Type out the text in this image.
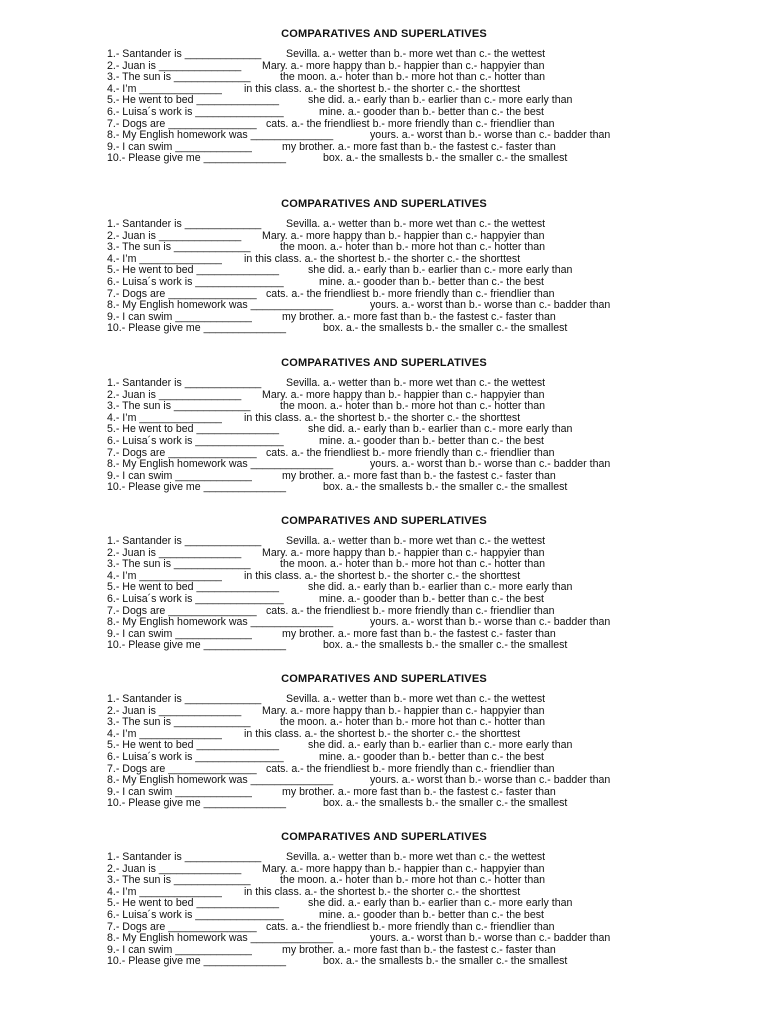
COMPARATIVES AND SUPERLATIVES
1.- Santander is _____________ Sevilla. a.- wetter than b.- more wet than c.- the wettest
2.- Juan is ______________ Mary. a.- more happy than b.- happier than c.- happyier than
3.- The sun is _____________	the moon. a.- hoter than b.- more hot than c.- hotter than
4.- I’m ______________ in this class. a.- the shortest b.- the shorter c.- the shorttest
5.- He went to bed ______________	she did. a.- early than b.- earlier than c.- more early than
6.- Luisa´s work is _______________	mine. a.- gooder than b.- better than c.- the best
7.- Dogs are _______________ cats. a.- the friendliest b.- more friendly than c.- friendlier than
8.- My English homework was ______________	yours. a.- worst than b.- worse than c.- badder than
9.- I can swim _____________	my brother. a.- more fast than b.- the fastest c.- faster than
10.- Please give me ______________	box. a.- the smallests b.- the smaller c.- the smallest
COMPARATIVES AND SUPERLATIVES
1.- Santander is _____________ Sevilla. a.- wetter than b.- more wet than c.- the wettest
2.- Juan is ______________ Mary. a.- more happy than b.- happier than c.- happyier than
3.- The sun is _____________	the moon. a.- hoter than b.- more hot than c.- hotter than
4.- I’m ______________ in this class. a.- the shortest b.- the shorter c.- the shorttest
5.- He went to bed ______________	she did. a.- early than b.- earlier than c.- more early than
6.- Luisa´s work is _______________	mine. a.- gooder than b.- better than c.- the best
7.- Dogs are _______________ cats. a.- the friendliest b.- more friendly than c.- friendlier than
8.- My English homework was ______________	yours. a.- worst than b.- worse than c.- badder than
9.- I can swim _____________	my brother. a.- more fast than b.- the fastest c.- faster than
10.- Please give me ______________	box. a.- the smallests b.- the smaller c.- the smallest
COMPARATIVES AND SUPERLATIVES
1.- Santander is _____________ Sevilla. a.- wetter than b.- more wet than c.- the wettest
2.- Juan is ______________ Mary. a.- more happy than b.- happier than c.- happyier than
3.- The sun is _____________	the moon. a.- hoter than b.- more hot than c.- hotter than
4.- I’m ______________ in this class. a.- the shortest b.- the shorter c.- the shorttest
5.- He went to bed ______________	she did. a.- early than b.- earlier than c.- more early than
6.- Luisa´s work is _______________	mine. a.- gooder than b.- better than c.- the best
7.- Dogs are _______________ cats. a.- the friendliest b.- more friendly than c.- friendlier than
8.- My English homework was ______________	yours. a.- worst than b.- worse than c.- badder than
9.- I can swim _____________	my brother. a.- more fast than b.- the fastest c.- faster than
10.- Please give me ______________	box. a.- the smallests b.- the smaller c.- the smallest
COMPARATIVES AND SUPERLATIVES
1.- Santander is _____________ Sevilla. a.- wetter than b.- more wet than c.- the wettest
2.- Juan is ______________ Mary. a.- more happy than b.- happier than c.- happyier than
3.- The sun is _____________	the moon. a.- hoter than b.- more hot than c.- hotter than
4.- I’m ______________ in this class. a.- the shortest b.- the shorter c.- the shorttest
5.- He went to bed ______________	she did. a.- early than b.- earlier than c.- more early than
6.- Luisa´s work is _______________	mine. a.- gooder than b.- better than c.- the best
7.- Dogs are _______________ cats. a.- the friendliest b.- more friendly than c.- friendlier than
8.- My English homework was ______________	yours. a.- worst than b.- worse than c.- badder than
9.- I can swim _____________	my brother. a.- more fast than b.- the fastest c.- faster than
10.- Please give me ______________	box. a.- the smallests b.- the smaller c.- the smallest
COMPARATIVES AND SUPERLATIVES
1.- Santander is _____________ Sevilla. a.- wetter than b.- more wet than c.- the wettest
2.- Juan is ______________ Mary. a.- more happy than b.- happier than c.- happyier than
3.- The sun is _____________	the moon. a.- hoter than b.- more hot than c.- hotter than
4.- I’m ______________ in this class. a.- the shortest b.- the shorter c.- the shorttest
5.- He went to bed ______________	she did. a.- early than b.- earlier than c.- more early than
6.- Luisa´s work is _______________	mine. a.- gooder than b.- better than c.- the best
7.- Dogs are _______________ cats. a.- the friendliest b.- more friendly than c.- friendlier than
8.- My English homework was ______________	yours. a.- worst than b.- worse than c.- badder than
9.- I can swim _____________	my brother. a.- more fast than b.- the fastest c.- faster than
10.- Please give me ______________	box. a.- the smallests b.- the smaller c.- the smallest
COMPARATIVES AND SUPERLATIVES
1.- Santander is _____________ Sevilla. a.- wetter than b.- more wet than c.- the wettest
2.- Juan is ______________ Mary. a.- more happy than b.- happier than c.- happyier than
3.- The sun is _____________	the moon. a.- hoter than b.- more hot than c.- hotter than
4.- I’m ______________ in this class. a.- the shortest b.- the shorter c.- the shorttest
5.- He went to bed ______________	she did. a.- early than b.- earlier than c.- more early than
6.- Luisa´s work is _______________	mine. a.- gooder than b.- better than c.- the best
7.- Dogs are _______________ cats. a.- the friendliest b.- more friendly than c.- friendlier than
8.- My English homework was ______________	yours. a.- worst than b.- worse than c.- badder than
9.- I can swim _____________	my brother. a.- more fast than b.- the fastest c.- faster than
10.- Please give me ______________	box. a.- the smallests b.- the smaller c.- the smallest
